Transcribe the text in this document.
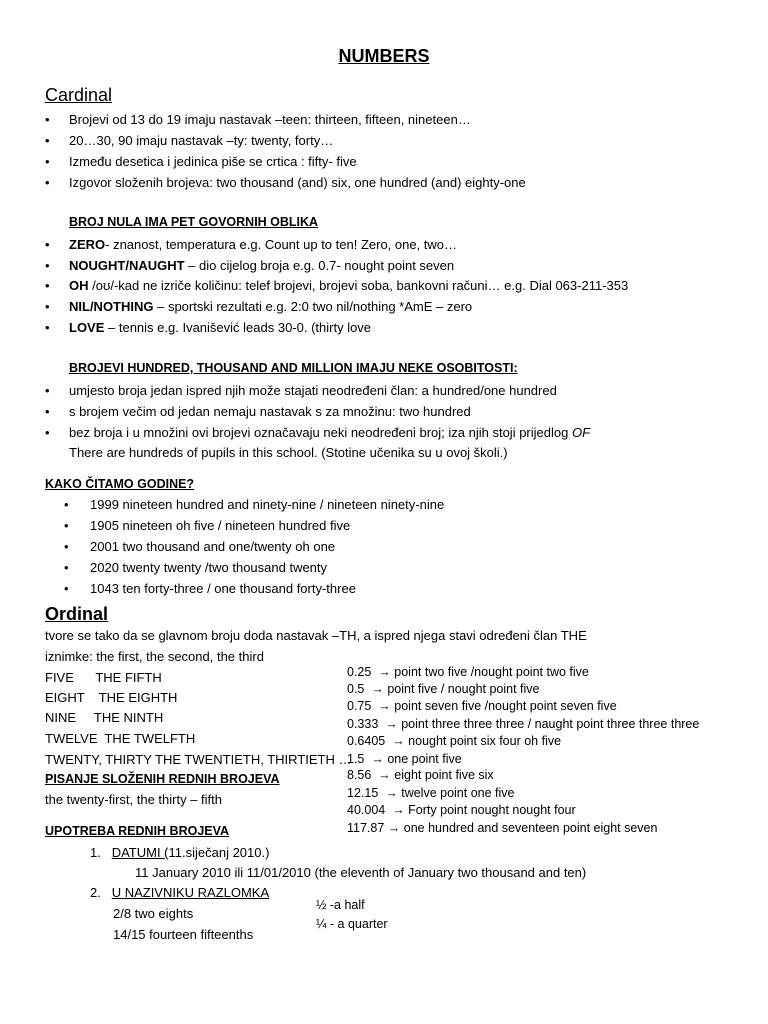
NUMBERS
Cardinal
• Brojevi od 13 do 19 imaju nastavak –teen: thirteen, fifteen, nineteen…
• 20…30, 90 imaju nastavak –ty: twenty, forty…
• Između desetica i jedinica piše se crtica : fifty- five
• Izgovor složenih brojeva: two thousand (and) six, one hundred (and) eighty-one
BROJ NULA IMA PET GOVORNIH OBLIKA
• ZERO- znanost, temperatura e.g. Count up to ten! Zero, one, two…
• NOUGHT/NAUGHT – dio cijelog broja e.g. 0.7- nought point seven
• OH /oʊ/-kad ne izriče količinu: telef brojevi, brojevi soba, bankovni računi… e.g. Dial 063-211-353
• NIL/NOTHING – sportski rezultati e.g. 2:0 two nil/nothing *AmE – zero
• LOVE – tennis e.g. Ivanišević leads 30-0. (thirty love
BROJEVI HUNDRED, THOUSAND AND MILLION IMAJU NEKE OSOBITOSTI:
• umjesto broja jedan ispred njih može stajati neodređeni član: a hundred/one hundred
• s brojem večim od jedan nemaju nastavak s za množinu: two hundred
• bez broja i u množini ovi brojevi označavaju neki neodređeni broj; iza njih stoji prijedlog OF
There are hundreds of pupils in this school. (Stotine učenika su u ovoj školi.)
KAKO ČITAMO GODINE?
• 1999 nineteen hundred and ninety-nine / nineteen ninety-nine
• 1905 nineteen oh five / nineteen hundred five
• 2001 two thousand and one/twenty oh one
• 2020 twenty twenty /two thousand twenty
• 1043 ten forty-three / one thousand forty-three
Ordinal
tvore se tako da se glavnom broju doda nastavak –TH, a ispred njega stavi određeni član THE
iznimke: the first, the second, the third
FIVE      THE FIFTH
EIGHT    THE EIGHTH
NINE     THE NINTH
TWELVE  THE TWELFTH
TWENTY, THIRTY THE TWENTIETH, THIRTIETH …
PISANJE SLOŽENIH REDNIH BROJEVA
the twenty-first, the thirty – fifth
0.25 → point two five /nought point two five
0.5 → point five / nought point five
0.75 → point seven five /nought point seven five
0.333 → point three three three / naught point three three three
0.6405 → nought point six four oh five
1.5 → one point five
8.56 → eight point five six
12.15 → twelve point one five
40.004 → Forty point nought nought four
117.87 → one hundred and seventeen point eight seven
UPOTREBA REDNIH BROJEVA
1. DATUMI (11.siječanj 2010.)
11 January 2010 ili 11/01/2010 (the eleventh of January two thousand and ten)
2. U NAZIVNIKU RAZLOMKA
2/8 two eights
14/15 fourteen fifteenths
½ -a half
¼ - a quarter
